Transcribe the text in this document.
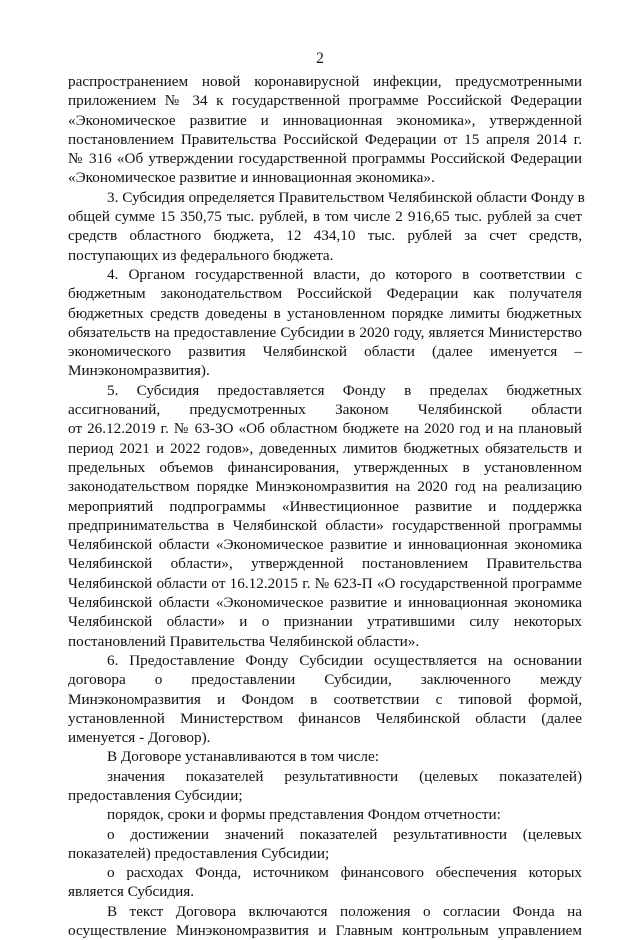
2
распространением новой коронавирусной инфекции, предусмотренными
приложением № 34 к государственной программе Российской Федерации
«Экономическое развитие и инновационная экономика», утвержденной
постановлением Правительства Российской Федерации от 15 апреля 2014 г.
№ 316 «Об утверждении государственной программы Российской Федерации
«Экономическое развитие и инновационная экономика».
3. Субсидия определяется Правительством Челябинской области Фонду в
общей сумме 15 350,75 тыс. рублей, в том числе 2 916,65 тыс. рублей за счет
средств областного бюджета, 12 434,10 тыс. рублей за счет средств,
поступающих из федерального бюджета.
4. Органом государственной власти, до которого в соответствии с
бюджетным законодательством Российской Федерации как получателя
бюджетных средств доведены в установленном порядке лимиты бюджетных
обязательств на предоставление Субсидии в 2020 году, является Министерство
экономического развития Челябинской области (далее именуется –
Минэкономразвития).
5. Субсидия предоставляется Фонду в пределах бюджетных
ассигнований, предусмотренных Законом Челябинской области
от 26.12.2019 г. № 63-ЗО «Об областном бюджете на 2020 год и на плановый
период 2021 и 2022 годов», доведенных лимитов бюджетных обязательств и
предельных объемов финансирования, утвержденных в установленном
законодательством порядке Минэкономразвития на 2020 год на реализацию
мероприятий подпрограммы «Инвестиционное развитие и поддержка
предпринимательства в Челябинской области» государственной программы
Челябинской области «Экономическое развитие и инновационная экономика
Челябинской области», утвержденной постановлением Правительства
Челябинской области от 16.12.2015 г. № 623-П «О государственной программе
Челябинской области «Экономическое развитие и инновационная экономика
Челябинской области» и о признании утратившими силу некоторых
постановлений Правительства Челябинской области».
6. Предоставление Фонду Субсидии осуществляется на основании
договора о предоставлении Субсидии, заключенного между
Минэкономразвития и Фондом в соответствии с типовой формой,
установленной Министерством финансов Челябинской области (далее
именуется - Договор).
В Договоре устанавливаются в том числе:
значения показателей результативности (целевых показателей)
предоставления Субсидии;
порядок, сроки и формы представления Фондом отчетности:
о достижении значений показателей результативности (целевых
показателей) предоставления Субсидии;
о расходах Фонда, источником финансового обеспечения которых
является Субсидия.
В текст Договора включаются положения о согласии Фонда на
осуществление Минэкономразвития и Главным контрольным управлением
